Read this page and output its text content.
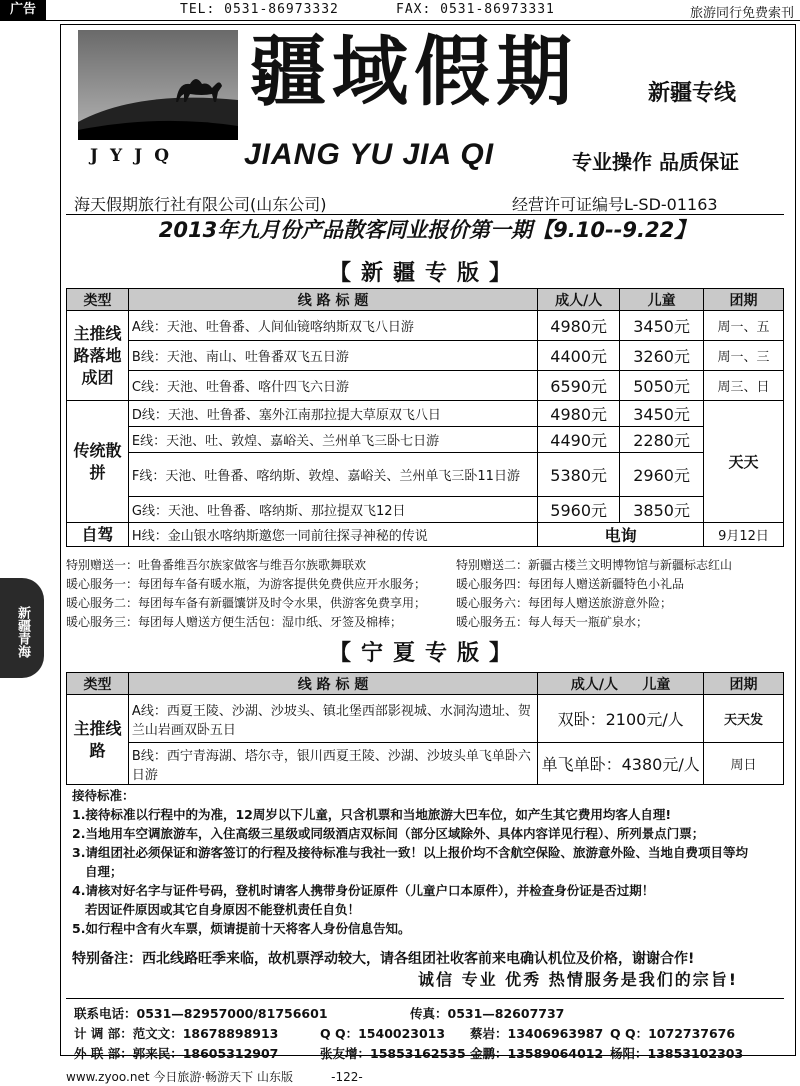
广告	TEL: 0531-86973332	FAX: 0531-86973331	旅游同行免费索刊
新疆青海
JYJQ
疆域假期	新疆专线
JIANG YU JIA QI	专业操作 品质保证
海天假期旅行社有限公司(山东公司)	经营许可证编号L-SD-01163
2013年九月份产品散客同业报价第一期【9.10--9.22】
【新疆专版】
类型	线 路 标 题	成人/人	儿童	团期
主推线路落地成团	A线：天池、吐鲁番、人间仙镜喀纳斯双飞八日游	4980元	3450元	周一、五
	B线：天池、南山、吐鲁番双飞五日游	4400元	3260元	周一、三
	C线：天池、吐鲁番、喀什四飞六日游	6590元	5050元	周三、日
传统散拼	D线：天池、吐鲁番、塞外江南那拉提大草原双飞八日	4980元	3450元	天天
	E线：天池、吐、敦煌、嘉峪关、兰州单飞三卧七日游	4490元	2280元	
	F线：天池、吐鲁番、喀纳斯、敦煌、嘉峪关、兰州单飞三卧11日游	5380元	2960元	
	G线：天池、吐鲁番、喀纳斯、那拉提双飞12日	5960元	3850元	
自驾	H线：金山银水喀纳斯邀您一同前往探寻神秘的传说	电询		9月12日
特别赠送一：吐鲁番维吾尔族家做客与维吾尔族歌舞联欢	特别赠送二：新疆古楼兰文明博物馆与新疆标志红山
暖心服务一：每团每车备有暖水瓶，为游客提供免费供应开水服务； 暖心服务四：每团每人赠送新疆特色小礼品
暖心服务二：每团每车备有新疆馕饼及时令水果，供游客免费享用； 暖心服务六：每团每人赠送旅游意外险；
暖心服务三：每团每人赠送方便生活包：湿巾纸、牙签及棉棒；	暖心服务五：每人每天一瓶矿泉水；
【宁夏专版】
类型	线 路 标 题	成人/人 儿童	团期
主推线路	A线：西夏王陵、沙湖、沙坡头、镇北堡西部影视城、水洞沟遗址、贺兰山岩画双卧五日	双卧：2100元/人	天天发
	B线：西宁青海湖、塔尔寺，银川西夏王陵、沙湖、沙坡头单飞单卧六日游	单飞单卧：4380元/人	周日
接待标准：
1.接待标准以行程中的为准，12周岁以下儿童，只含机票和当地旅游大巴车位，如产生其它费用均客人自理!
2.当地用车空调旅游车，入住高级三星级或同级酒店双标间（部分区域除外、具体内容详见行程）、所列景点门票；
3.请组团社必须保证和游客签订的行程及接待标准与我社一致！以上报价均不含航空保险、旅游意外险、当地自费项目等均
自理；
4.请核对好名字与证件号码，登机时请客人携带身份证原件（儿童户口本原件），并检查身份证是否过期！
若因证件原因或其它自身原因不能登机责任自负！
5.如行程中含有火车票，烦请提前十天将客人身份信息告知。
特别备注：西北线路旺季来临，故机票浮动较大，请各组团社收客前来电确认机位及价格，谢谢合作!
诚信 专业 优秀 热情服务是我们的宗旨!
联系电话：0531—82957000/81756601	传真：0531—82607737
计 调 部：范文文：18678898913	Q Q：1540023013 蔡岩：13406963987 Q Q：1072737676
外 联 部：郭来民：18605312907	张友增：15853162535 金鹏：13589064012 杨阳：13853102303
www.zyoo.net 今日旅游·畅游天下 山东版          -122-
